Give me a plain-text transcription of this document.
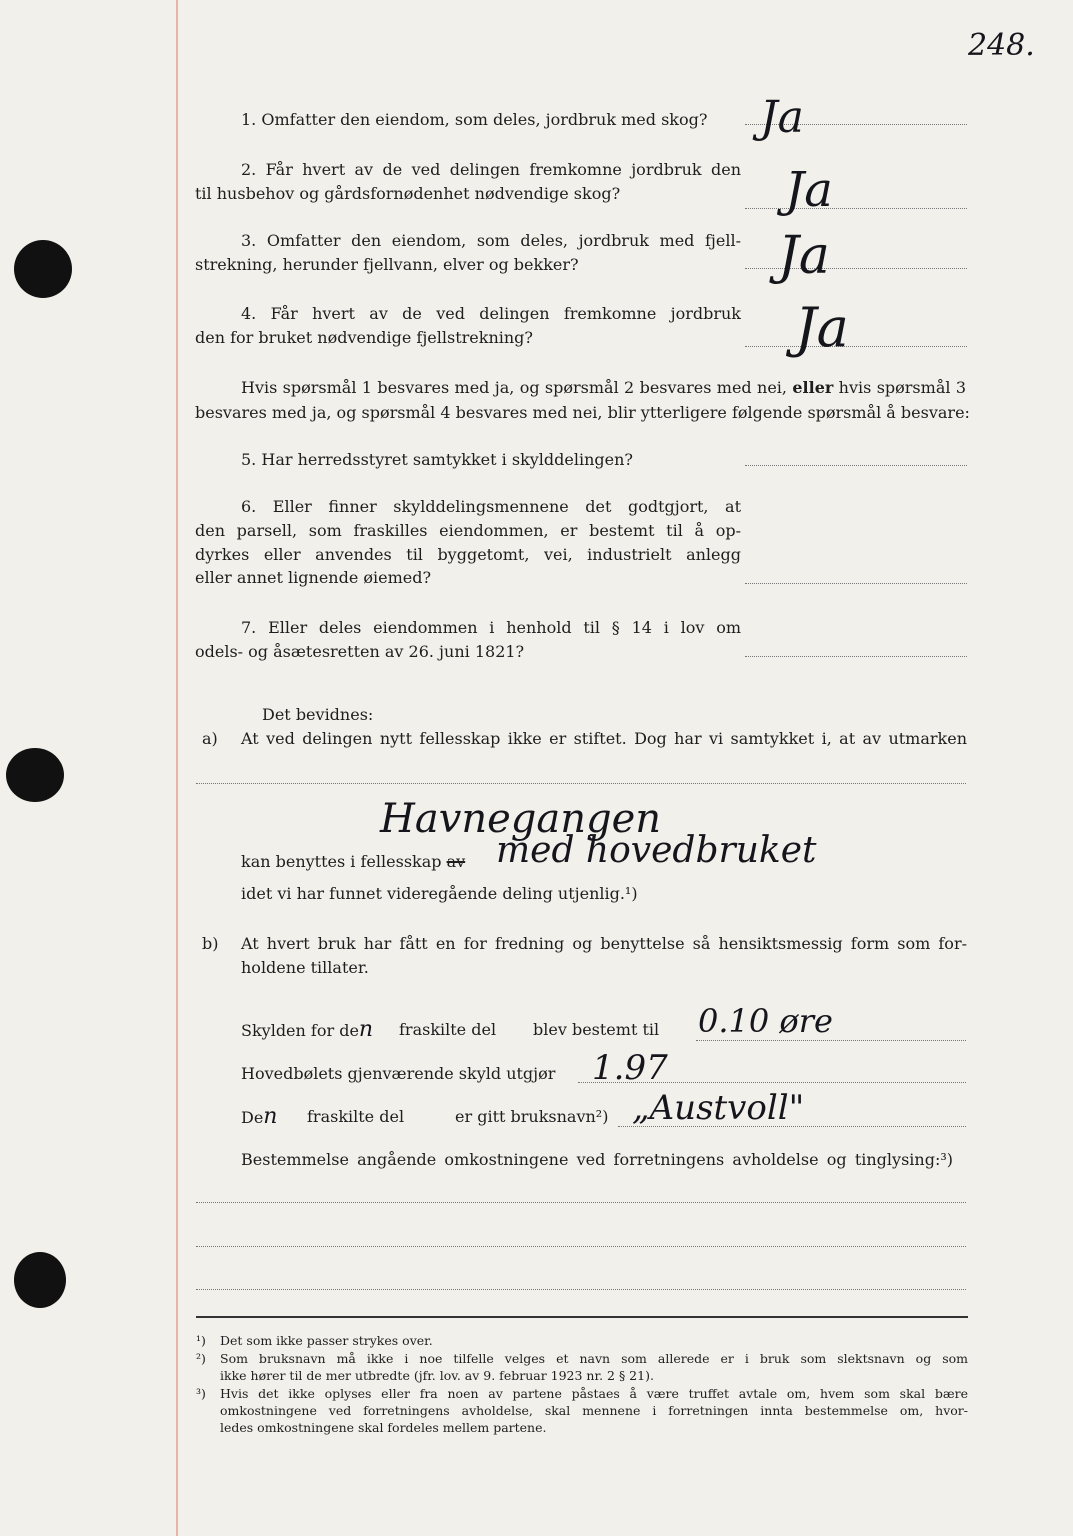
248.
1. Omfatter den eiendom, som deles, jordbruk med skog?	Ja
2. Får hvert av de ved delingen fremkomne jordbruk den
til husbehov og gårdsfornødenhet nødvendige skog?	Ja
3. Omfatter den eiendom, som deles, jordbruk med fjell-
strekning, herunder fjellvann, elver og bekker?	Ja
4. Får hvert av de ved delingen fremkomne jordbruk
den for bruket nødvendige fjellstrekning?	Ja
Hvis spørsmål 1 besvares med ja, og spørsmål 2 besvares med nei, eller hvis spørsmål 3
besvares med ja, og spørsmål 4 besvares med nei, blir ytterligere følgende spørsmål å besvare:
5. Har herredsstyret samtykket i skylddelingen?
6. Eller finner skylddelingsmennene det godtgjort, at
den parsell, som fraskilles eiendommen, er bestemt til å op-
dyrkes eller anvendes til byggetomt, vei, industrielt anlegg
eller annet lignende øiemed?
7. Eller deles eiendommen i henhold til § 14 i lov om
odels- og åsætesretten av 26. juni 1821?
Det bevidnes:
a) At ved delingen nytt fellesskap ikke er stiftet. Dog har vi samtykket i, at av utmarken
Havnegangen
kan benyttes i fellesskap av med hovedbruket
idet vi har funnet videregående deling utjenlig.¹)
b) At hvert bruk har fått en for fredning og benyttelse så hensiktsmessig form som for-
holdene tillater.
Skylden for den fraskilte del blev bestemt til 0.10 øre
Hovedbølets gjenværende skyld utgjør 1.97
Den fraskilte del	er gitt bruksnavn²) „Austvoll"
Bestemmelse angående omkostningene ved forretningens avholdelse og tinglysing:³)
¹) Det som ikke passer strykes over.
²) Som bruksnavn må ikke i noe tilfelle velges et navn som allerede er i bruk som slektsnavn og som
ikke hører til de mer utbredte (jfr. lov. av 9. februar 1923 nr. 2 § 21).
³) Hvis det ikke oplyses eller fra noen av partene påstaes å være truffet avtale om, hvem som skal bære
omkostningene ved forretningens avholdelse, skal mennene i forretningen innta bestemmelse om, hvor-
ledes omkostningene skal fordeles mellem partene.
